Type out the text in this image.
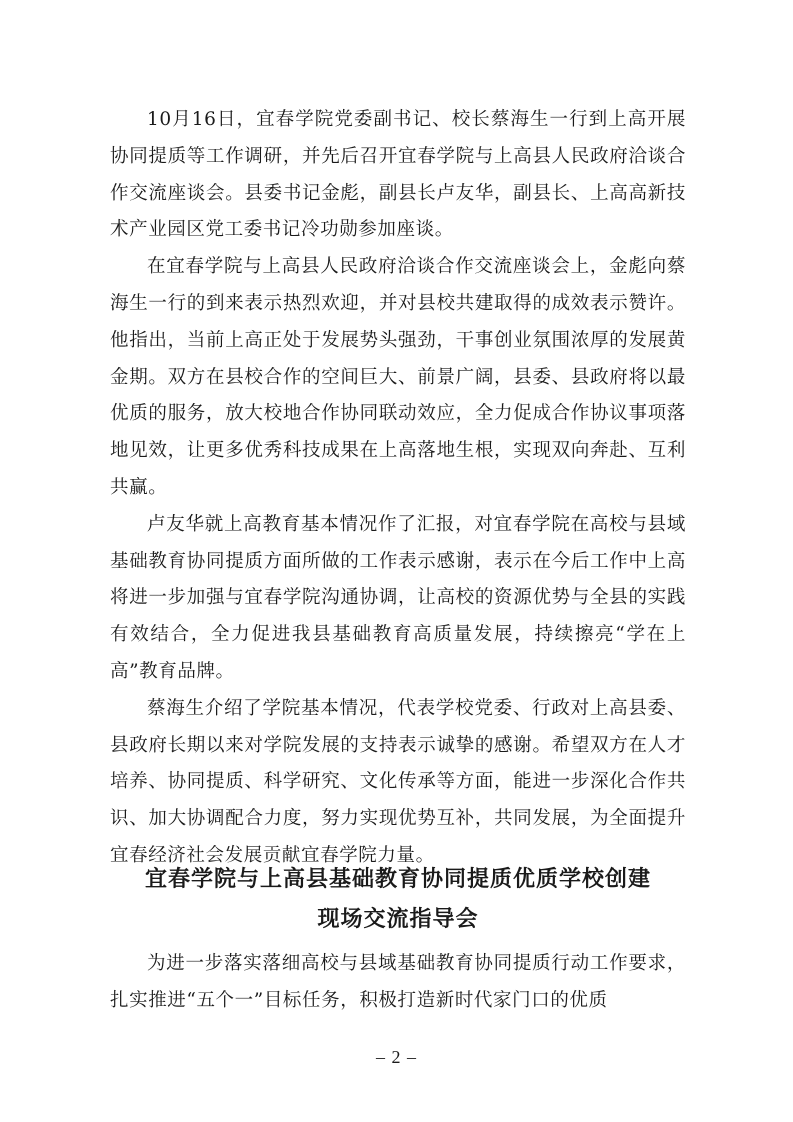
10月16日，宜春学院党委副书记、校长蔡海生一行到上高开展协同提质等工作调研，并先后召开宜春学院与上高县人民政府洽谈合作交流座谈会。县委书记金彪，副县长卢友华，副县长、上高高新技术产业园区党工委书记冷功勋参加座谈。

在宜春学院与上高县人民政府洽谈合作交流座谈会上，金彪向蔡海生一行的到来表示热烈欢迎，并对县校共建取得的成效表示赞许。他指出，当前上高正处于发展势头强劲，干事创业氛围浓厚的发展黄金期。双方在县校合作的空间巨大、前景广阔，县委、县政府将以最优质的服务，放大校地合作协同联动效应，全力促成合作协议事项落地见效，让更多优秀科技成果在上高落地生根，实现双向奔赴、互利共赢。

卢友华就上高教育基本情况作了汇报，对宜春学院在高校与县域基础教育协同提质方面所做的工作表示感谢，表示在今后工作中上高将进一步加强与宜春学院沟通协调，让高校的资源优势与全县的实践有效结合，全力促进我县基础教育高质量发展，持续擦亮“学在上高”教育品牌。

蔡海生介绍了学院基本情况，代表学校党委、行政对上高县委、县政府长期以来对学院发展的支持表示诚挚的感谢。希望双方在人才培养、协同提质、科学研究、文化传承等方面，能进一步深化合作共识、加大协调配合力度，努力实现优势互补，共同发展，为全面提升宜春经济社会发展贡献宜春学院力量。

宜春学院与上高县基础教育协同提质优质学校创建
现场交流指导会

为进一步落实落细高校与县域基础教育协同提质行动工作要求，扎实推进“五个一”目标任务，积极打造新时代家门口的优质

– 2 –
